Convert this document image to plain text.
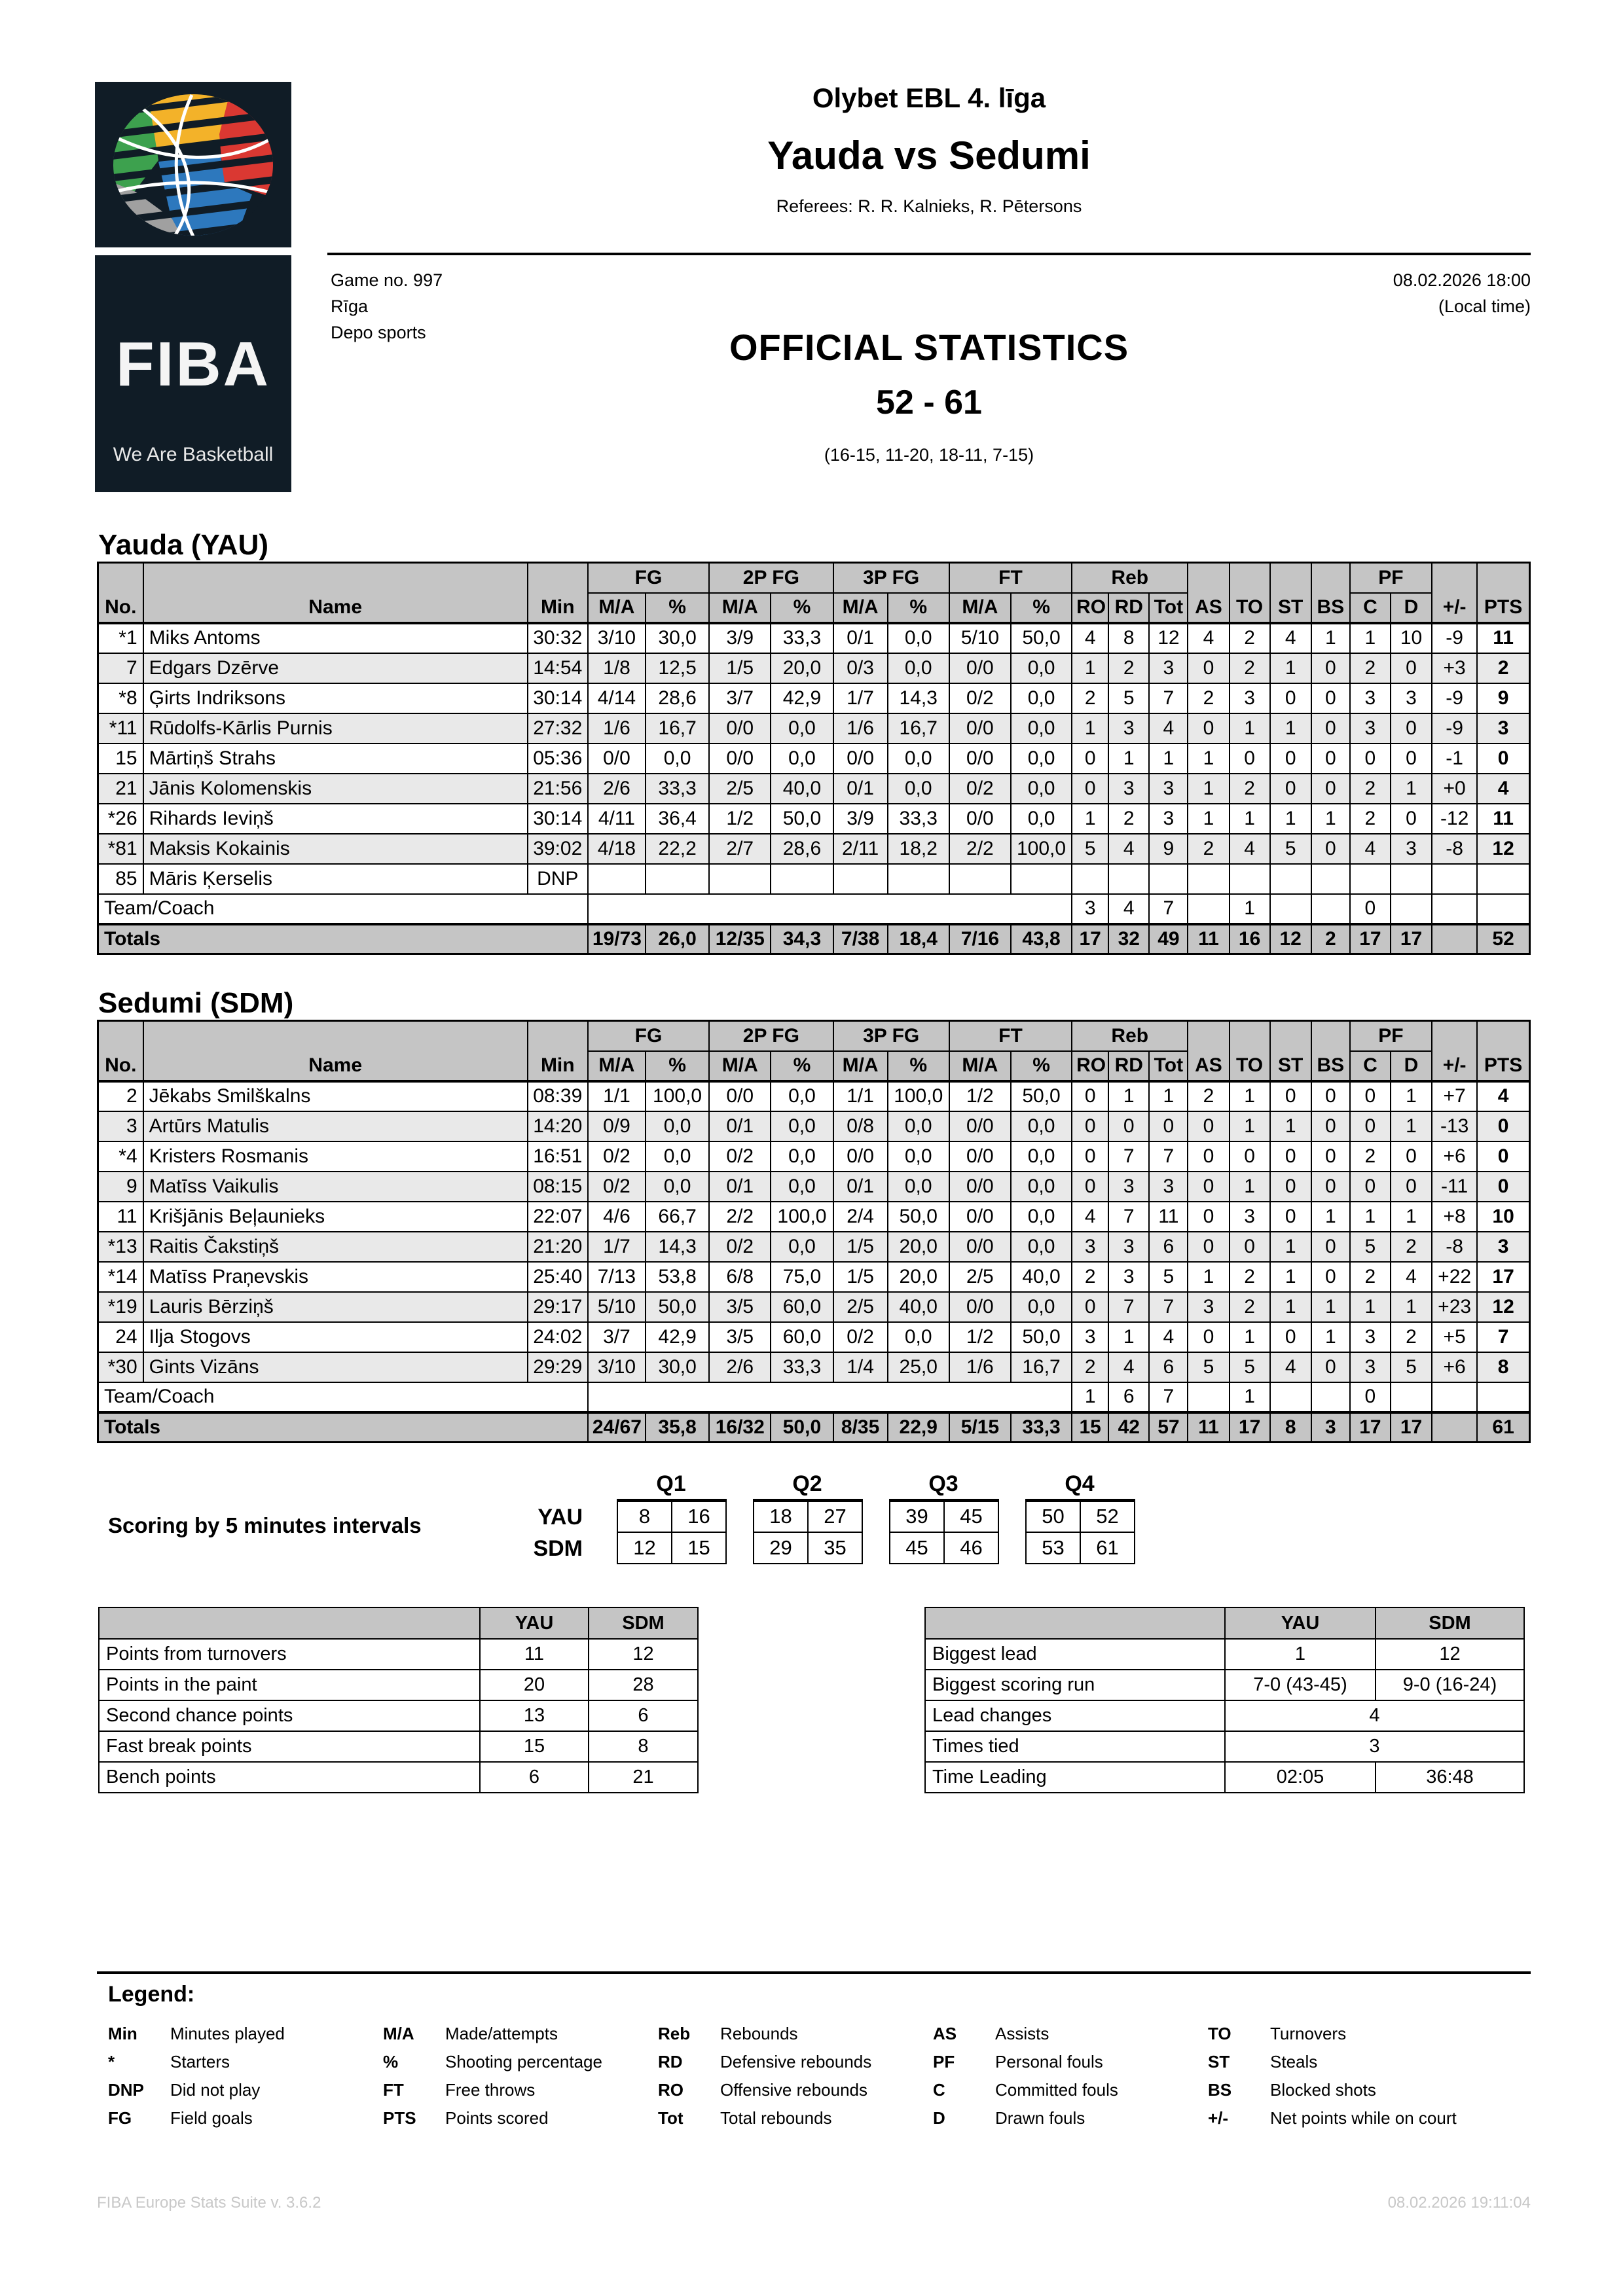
FIBA
We Are Basketball
Olybet EBL 4. līga
Yauda vs Sedumi
Referees: R. R. Kalnieks, R. Pētersons
Game no. 997
Rīga
Depo sports
08.02.2026 18:00
(Local time)
OFFICIAL STATISTICS
52 - 61
(16-15, 11-20, 18-11, 7-15)
Yauda (YAU)
No.	Name	Min	FG		2P FG		3P FG		FT		Reb			AS	TO	ST	BS	PF		+/-	PTS
			M/A	%	M/A	%	M/A	%	M/A	%	RO	RD	Tot					C	D		
*1	Miks Antoms	30:32	3/10	30,0	3/9	33,3	0/1	0,0	5/10	50,0	4	8	12	4	2	4	1	1	10	-9	11
7	Edgars Dzērve	14:54	1/8	12,5	1/5	20,0	0/3	0,0	0/0	0,0	1	2	3	0	2	1	0	2	0	+3	2
*8	Ģirts Indriksons	30:14	4/14	28,6	3/7	42,9	1/7	14,3	0/2	0,0	2	5	7	2	3	0	0	3	3	-9	9
*11	Rūdolfs-Kārlis Purnis	27:32	1/6	16,7	0/0	0,0	1/6	16,7	0/0	0,0	1	3	4	0	1	1	0	3	0	-9	3
15	Mārtiņš Strahs	05:36	0/0	0,0	0/0	0,0	0/0	0,0	0/0	0,0	0	1	1	1	0	0	0	0	0	-1	0
21	Jānis Kolomenskis	21:56	2/6	33,3	2/5	40,0	0/1	0,0	0/2	0,0	0	3	3	1	2	0	0	2	1	+0	4
*26	Rihards Ieviņš	30:14	4/11	36,4	1/2	50,0	3/9	33,3	0/0	0,0	1	2	3	1	1	1	1	2	0	-12	11
*81	Maksis Kokainis	39:02	4/18	22,2	2/7	28,6	2/11	18,2	2/2	100,0	5	4	9	2	4	5	0	4	3	-8	12
85	Māris Ķerselis	DNP																			
Team/Coach											3	4	7		1			0			
Totals			19/73	26,0	12/35	34,3	7/38	18,4	7/16	43,8	17	32	49	11	16	12	2	17	17		52
Sedumi (SDM)
No.	Name	Min	FG		2P FG		3P FG		FT		Reb			AS	TO	ST	BS	PF		+/-	PTS
			M/A	%	M/A	%	M/A	%	M/A	%	RO	RD	Tot					C	D		
2	Jēkabs Smilškalns	08:39	1/1	100,0	0/0	0,0	1/1	100,0	1/2	50,0	0	1	1	2	1	0	0	0	1	+7	4
3	Artūrs Matulis	14:20	0/9	0,0	0/1	0,0	0/8	0,0	0/0	0,0	0	0	0	0	1	1	0	0	1	-13	0
*4	Kristers Rosmanis	16:51	0/2	0,0	0/2	0,0	0/0	0,0	0/0	0,0	0	7	7	0	0	0	0	2	0	+6	0
9	Matīss Vaikulis	08:15	0/2	0,0	0/1	0,0	0/1	0,0	0/0	0,0	0	3	3	0	1	0	0	0	0	-11	0
11	Krišjānis Beļaunieks	22:07	4/6	66,7	2/2	100,0	2/4	50,0	0/0	0,0	4	7	11	0	3	0	1	1	1	+8	10
*13	Raitis Čakstiņš	21:20	1/7	14,3	0/2	0,0	1/5	20,0	0/0	0,0	3	3	6	0	0	1	0	5	2	-8	3
*14	Matīss Praņevskis	25:40	7/13	53,8	6/8	75,0	1/5	20,0	2/5	40,0	2	3	5	1	2	1	0	2	4	+22	17
*19	Lauris Bērziņš	29:17	5/10	50,0	3/5	60,0	2/5	40,0	0/0	0,0	0	7	7	3	2	1	1	1	1	+23	12
24	Ilja Stogovs	24:02	3/7	42,9	3/5	60,0	0/2	0,0	1/2	50,0	3	1	4	0	1	0	1	3	2	+5	7
*30	Gints Vizāns	29:29	3/10	30,0	2/6	33,3	1/4	25,0	1/6	16,7	2	4	6	5	5	4	0	3	5	+6	8
Team/Coach											1	6	7		1			0			
Totals			24/67	35,8	16/32	50,0	8/35	22,9	5/15	33,3	15	42	57	11	17	8	3	17	17		61
Scoring by 5 minutes intervals
Q1
8	16
12	15
Q2
18	27
29	35
Q3
39	45
45	46
Q4
50	52
53	61
YAU
SDM
	YAU	SDM
Points from turnovers	11	12
Points in the paint	20	28
Second chance points	13	6
Fast break points	15	8
Bench points	6	21
	YAU	SDM
Biggest lead	1	12
Biggest scoring run	7-0 (43-45)	9-0 (16-24)
Lead changes	4	
Times tied	3	
Time Leading	02:05	36:48
Legend:
Min Minutes played
*	Starters
DNP Did not play
FG Field goals
M/A Made/attempts
%	Shooting percentage
FT Free throws
PTS Points scored
Reb Rebounds
RD Defensive rebounds
RO Offensive rebounds
Tot Total rebounds
AS Assists
PF Personal fouls
C	Committed fouls
D	Drawn fouls
TO Turnovers
ST Steals
BS Blocked shots
+/- Net points while on court
FIBA Europe Stats Suite v. 3.6.2	08.02.2026 19:11:04
